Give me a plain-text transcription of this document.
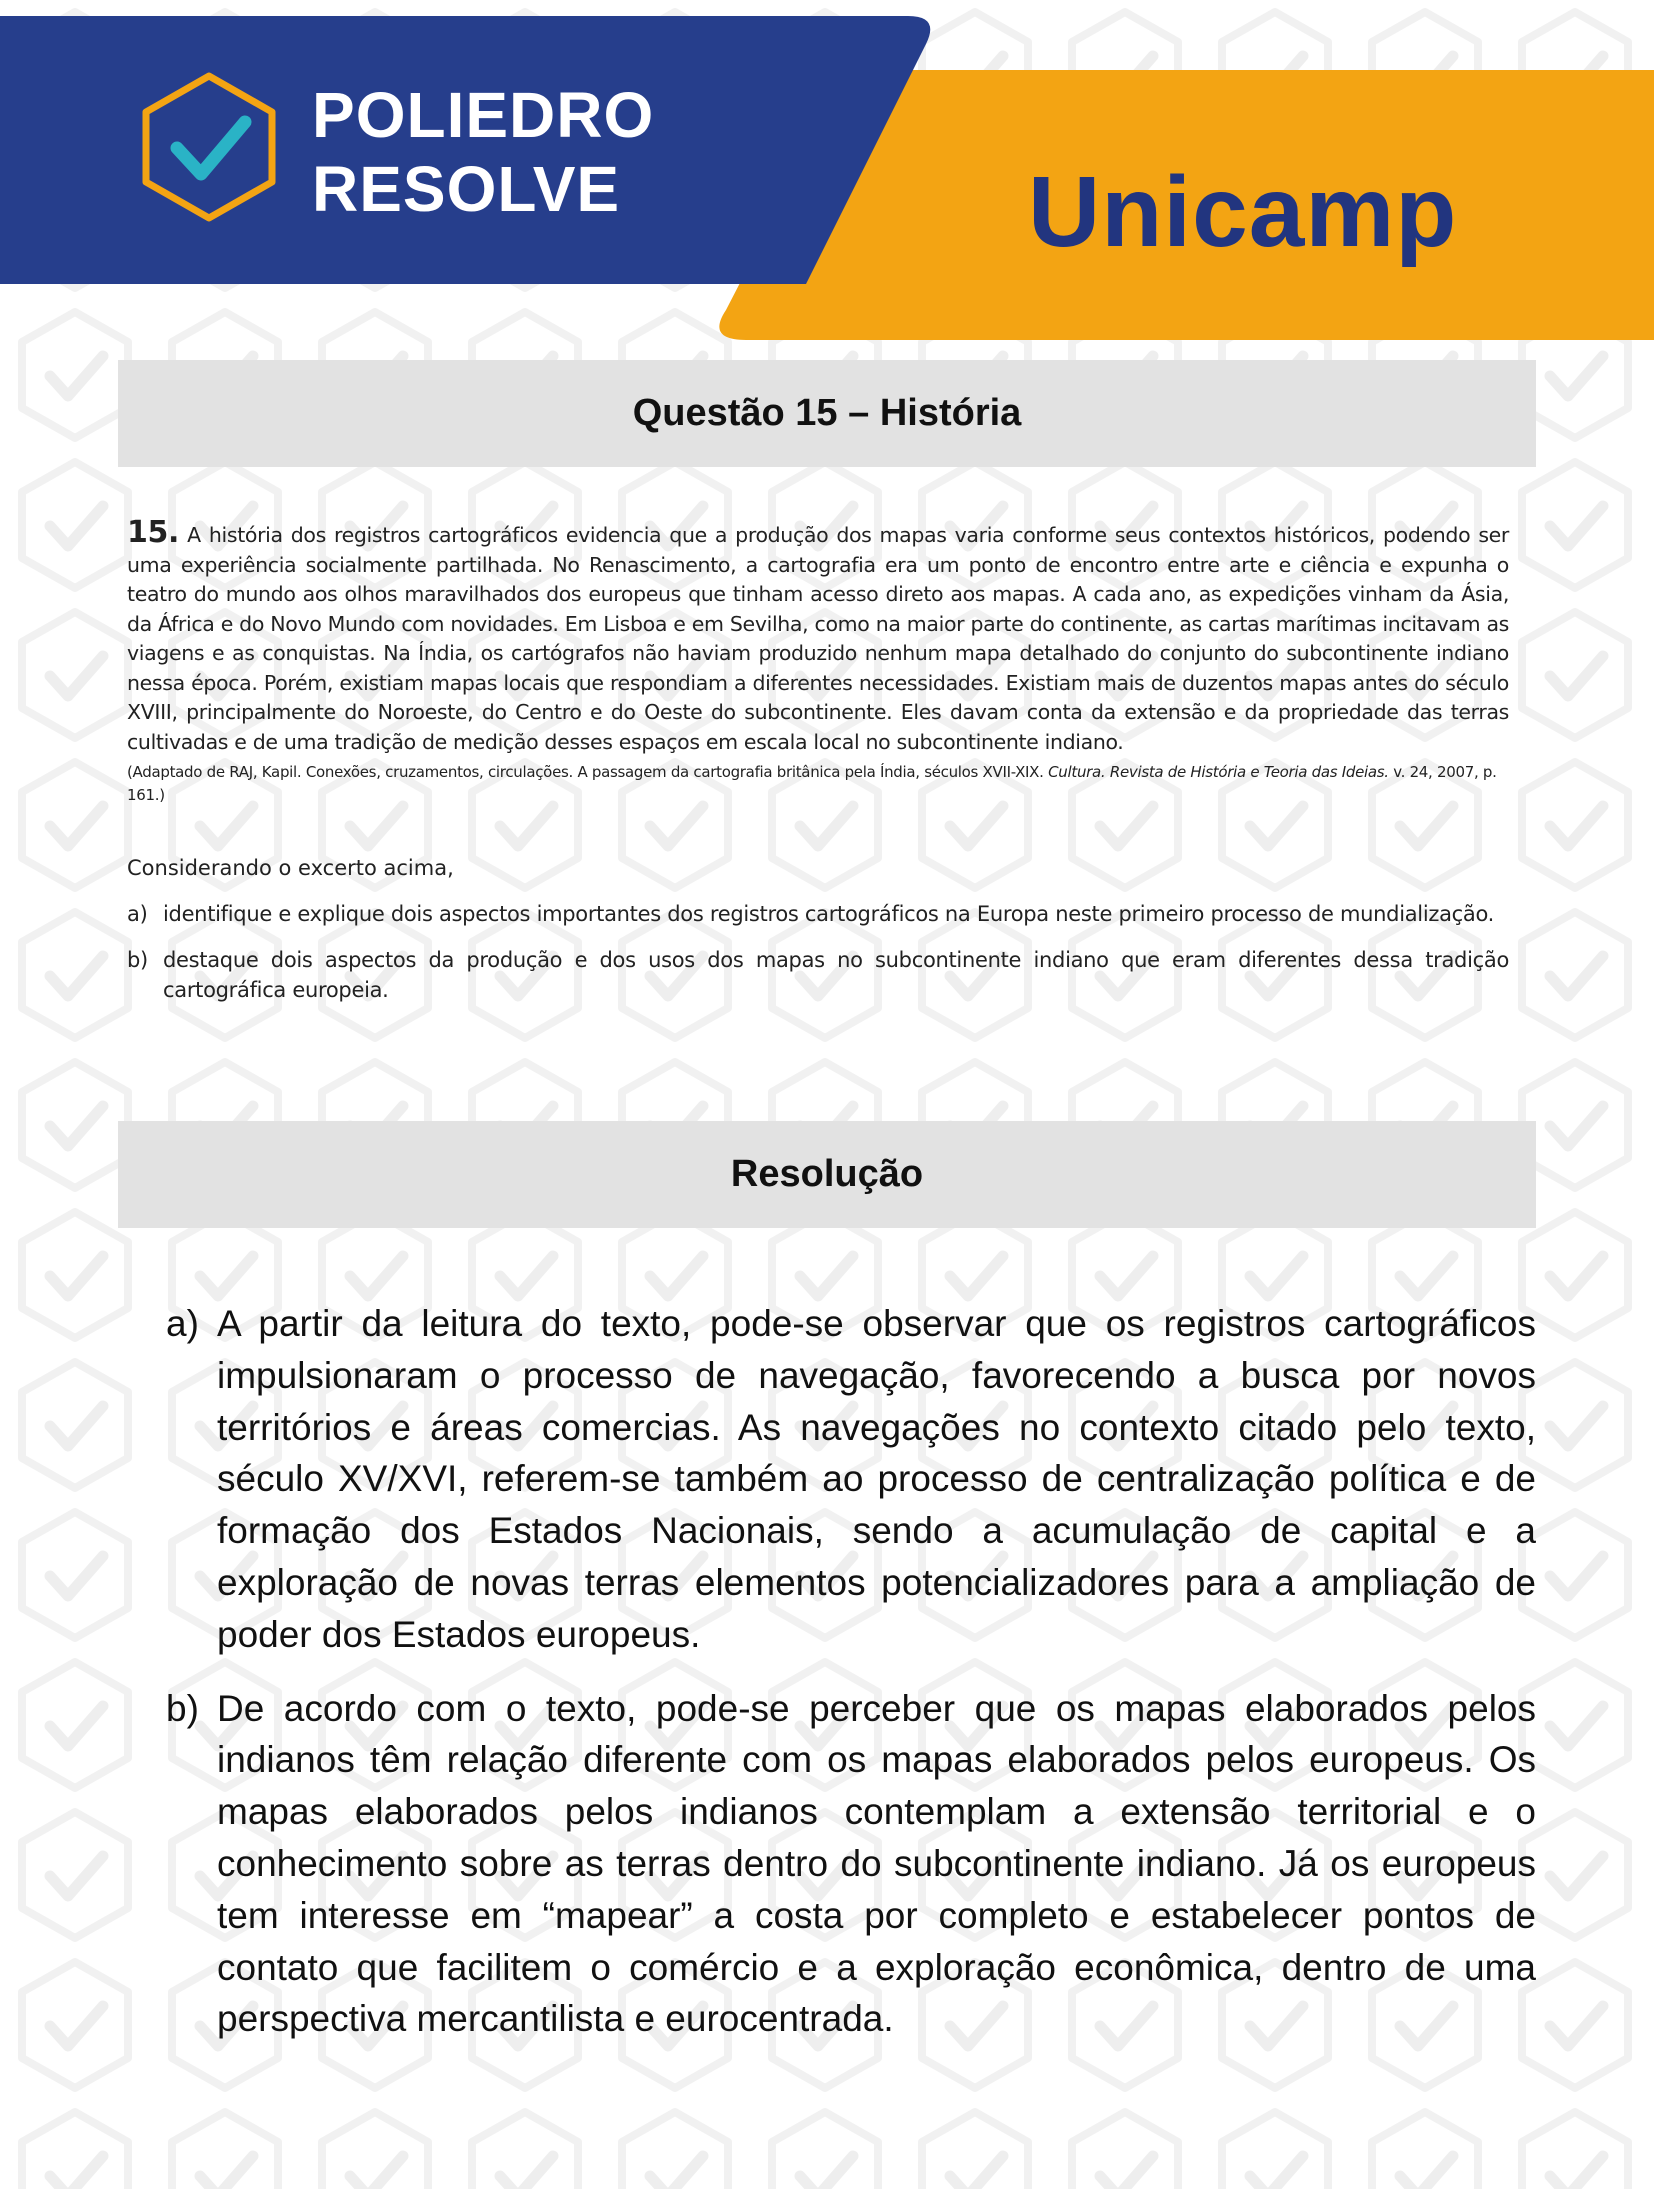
POLIEDRO
RESOLVE	Unicamp
Questão 15 – História

15. A história dos registros cartográficos evidencia que a produção dos mapas varia conforme seus contextos históricos, podendo ser uma experiência socialmente partilhada. No Renascimento, a cartografia era um ponto de encontro entre arte e ciência e expunha o teatro do mundo aos olhos maravilhados dos europeus que tinham acesso direto aos mapas. A cada ano, as expedições vinham da Ásia, da África e do Novo Mundo com novidades. Em Lisboa e em Sevilha, como na maior parte do continente, as cartas marítimas incitavam as viagens e as conquistas. Na Índia, os cartógrafos não haviam produzido nenhum mapa detalhado do conjunto do subcontinente indiano nessa época. Porém, existiam mapas locais que respondiam a diferentes necessidades. Existiam mais de duzentos mapas antes do século XVIII, principalmente do Noroeste, do Centro e do Oeste do subcontinente. Eles davam conta da extensão e da propriedade das terras cultivadas e de uma tradição de medição desses espaços em escala local no subcontinente indiano.

(Adaptado de RAJ, Kapil. Conexões, cruzamentos, circulações. A passagem da cartografia britânica pela Índia, séculos XVII-XIX. Cultura. Revista de História e Teoria das Ideias. v. 24, 2007, p. 161.)

Considerando o excerto acima,

a) identifique e explique dois aspectos importantes dos registros cartográficos na Europa neste primeiro processo de mundialização.
b) destaque dois aspectos da produção e dos usos dos mapas no subcontinente indiano que eram diferentes dessa tradição cartográfica europeia.
Resolução
a) A partir da leitura do texto, pode-se observar que os registros cartográficos impulsionaram o processo de navegação, favorecendo a busca por novos territórios e áreas comercias. As navegações no contexto citado pelo texto, século XV/XVI, referem-se também ao processo de centralização política e de formação dos Estados Nacionais, sendo a acumulação de capital e a exploração de novas terras elementos potencializadores para a ampliação de poder dos Estados europeus.
b) De acordo com o texto, pode-se perceber que os mapas elaborados pelos indianos têm relação diferente com os mapas elaborados pelos europeus. Os mapas elaborados pelos indianos contemplam a extensão territorial e o conhecimento sobre as terras dentro do subcontinente indiano. Já os europeus tem interesse em “mapear” a costa por completo e estabelecer pontos de contato que facilitem o comércio e a exploração econômica, dentro de uma perspectiva mercantilista e eurocentrada.
